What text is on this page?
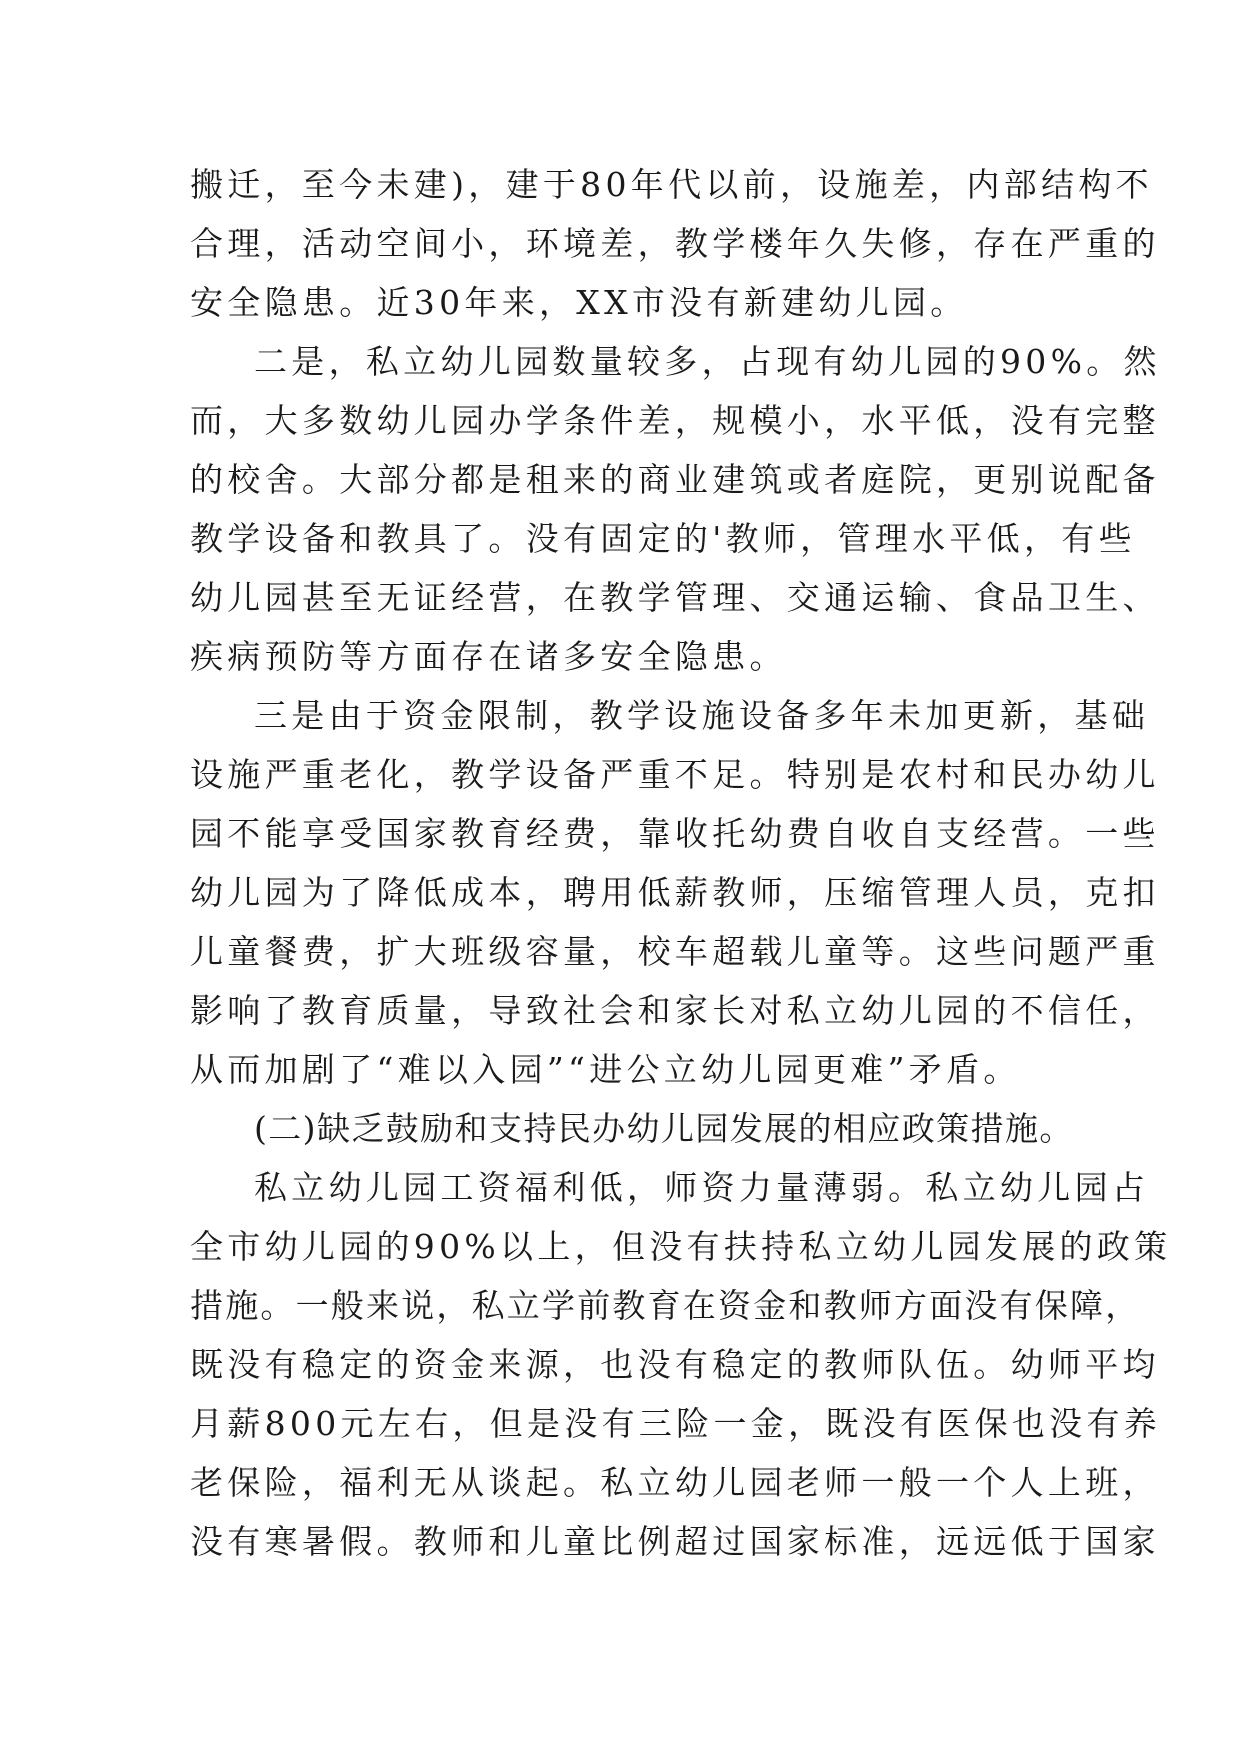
搬迁，至今未建)，建于80年代以前，设施差，内部结构不
合理，活动空间小，环境差，教学楼年久失修，存在严重的
安全隐患。近30年来，XX市没有新建幼儿园。
二是，私立幼儿园数量较多，占现有幼儿园的90%。然
而，大多数幼儿园办学条件差，规模小，水平低，没有完整
的校舍。大部分都是租来的商业建筑或者庭院，更别说配备
教学设备和教具了。没有固定的'教师，管理水平低，有些
幼儿园甚至无证经营，在教学管理、交通运输、食品卫生、
疾病预防等方面存在诸多安全隐患。
三是由于资金限制，教学设施设备多年未加更新，基础
设施严重老化，教学设备严重不足。特别是农村和民办幼儿
园不能享受国家教育经费，靠收托幼费自收自支经营。一些
幼儿园为了降低成本，聘用低薪教师，压缩管理人员，克扣
儿童餐费，扩大班级容量，校车超载儿童等。这些问题严重
影响了教育质量，导致社会和家长对私立幼儿园的不信任，
从而加剧了“难以入园”“进公立幼儿园更难”矛盾。
(二)缺乏鼓励和支持民办幼儿园发展的相应政策措施。
私立幼儿园工资福利低，师资力量薄弱。私立幼儿园占
全市幼儿园的90%以上，但没有扶持私立幼儿园发展的政策
措施。一般来说，私立学前教育在资金和教师方面没有保障，
既没有稳定的资金来源，也没有稳定的教师队伍。幼师平均
月薪800元左右，但是没有三险一金，既没有医保也没有养
老保险，福利无从谈起。私立幼儿园老师一般一个人上班，
没有寒暑假。教师和儿童比例超过国家标准，远远低于国家
